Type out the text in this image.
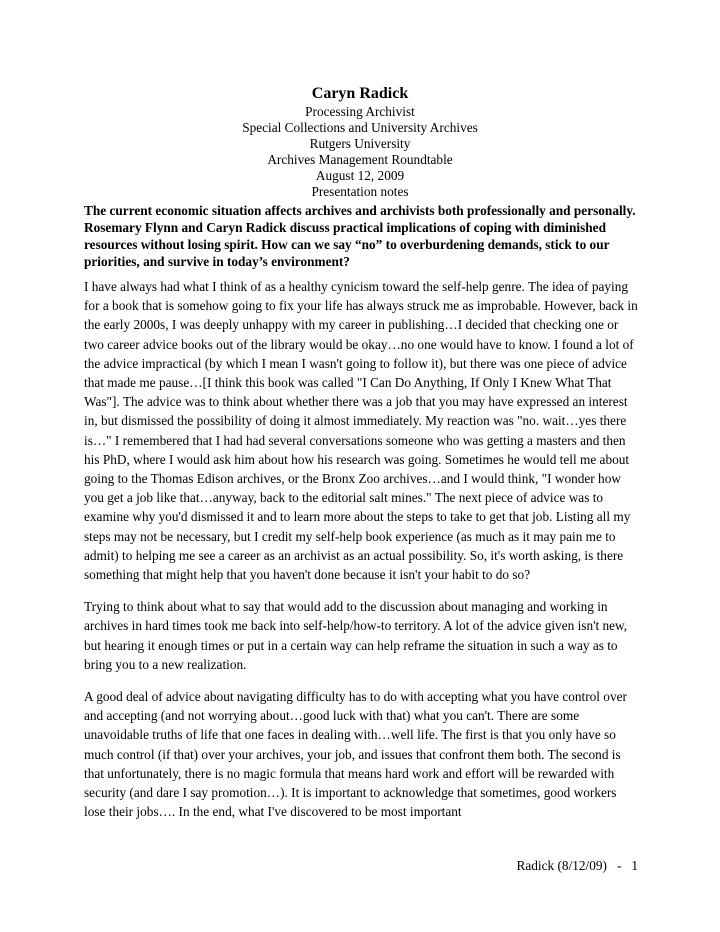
Caryn Radick
Processing Archivist
Special Collections and University Archives
Rutgers University
Archives Management Roundtable
August 12, 2009
Presentation notes
The current economic situation affects archives and archivists both professionally and personally. Rosemary Flynn and Caryn Radick discuss practical implications of coping with diminished resources without losing spirit. How can we say “no” to overburdening demands, stick to our priorities, and survive in today’s environment?

I have always had what I think of as a healthy cynicism toward the self-help genre. The idea of paying for a book that is somehow going to fix your life has always struck me as improbable. However, back in the early 2000s, I was deeply unhappy with my career in publishing…I decided that checking one or two career advice books out of the library would be okay…no one would have to know. I found a lot of the advice impractical (by which I mean I wasn't going to follow it), but there was one piece of advice that made me pause…[I think this book was called "I Can Do Anything, If Only I Knew What That Was"]. The advice was to think about whether there was a job that you may have expressed an interest in, but dismissed the possibility of doing it almost immediately. My reaction was "no. wait…yes there is…" I remembered that I had had several conversations someone who was getting a masters and then his PhD, where I would ask him about how his research was going. Sometimes he would tell me about going to the Thomas Edison archives, or the Bronx Zoo archives…and I would think, "I wonder how you get a job like that…anyway, back to the editorial salt mines." The next piece of advice was to examine why you'd dismissed it and to learn more about the steps to take to get that job. Listing all my steps may not be necessary, but I credit my self-help book experience (as much as it may pain me to admit) to helping me see a career as an archivist as an actual possibility. So, it's worth asking, is there something that might help that you haven't done because it isn't your habit to do so?

Trying to think about what to say that would add to the discussion about managing and working in archives in hard times took me back into self-help/how-to territory. A lot of the advice given isn't new, but hearing it enough times or put in a certain way can help reframe the situation in such a way as to bring you to a new realization.

A good deal of advice about navigating difficulty has to do with accepting what you have control over and accepting (and not worrying about…good luck with that) what you can't. There are some unavoidable truths of life that one faces in dealing with…well life. The first is that you only have so much control (if that) over your archives, your job, and issues that confront them both. The second is that unfortunately, there is no magic formula that means hard work and effort will be rewarded with security (and dare I say promotion…). It is important to acknowledge that sometimes, good workers lose their jobs…. In the end, what I've discovered to be most important

Radick (8/12/09)   -   1
